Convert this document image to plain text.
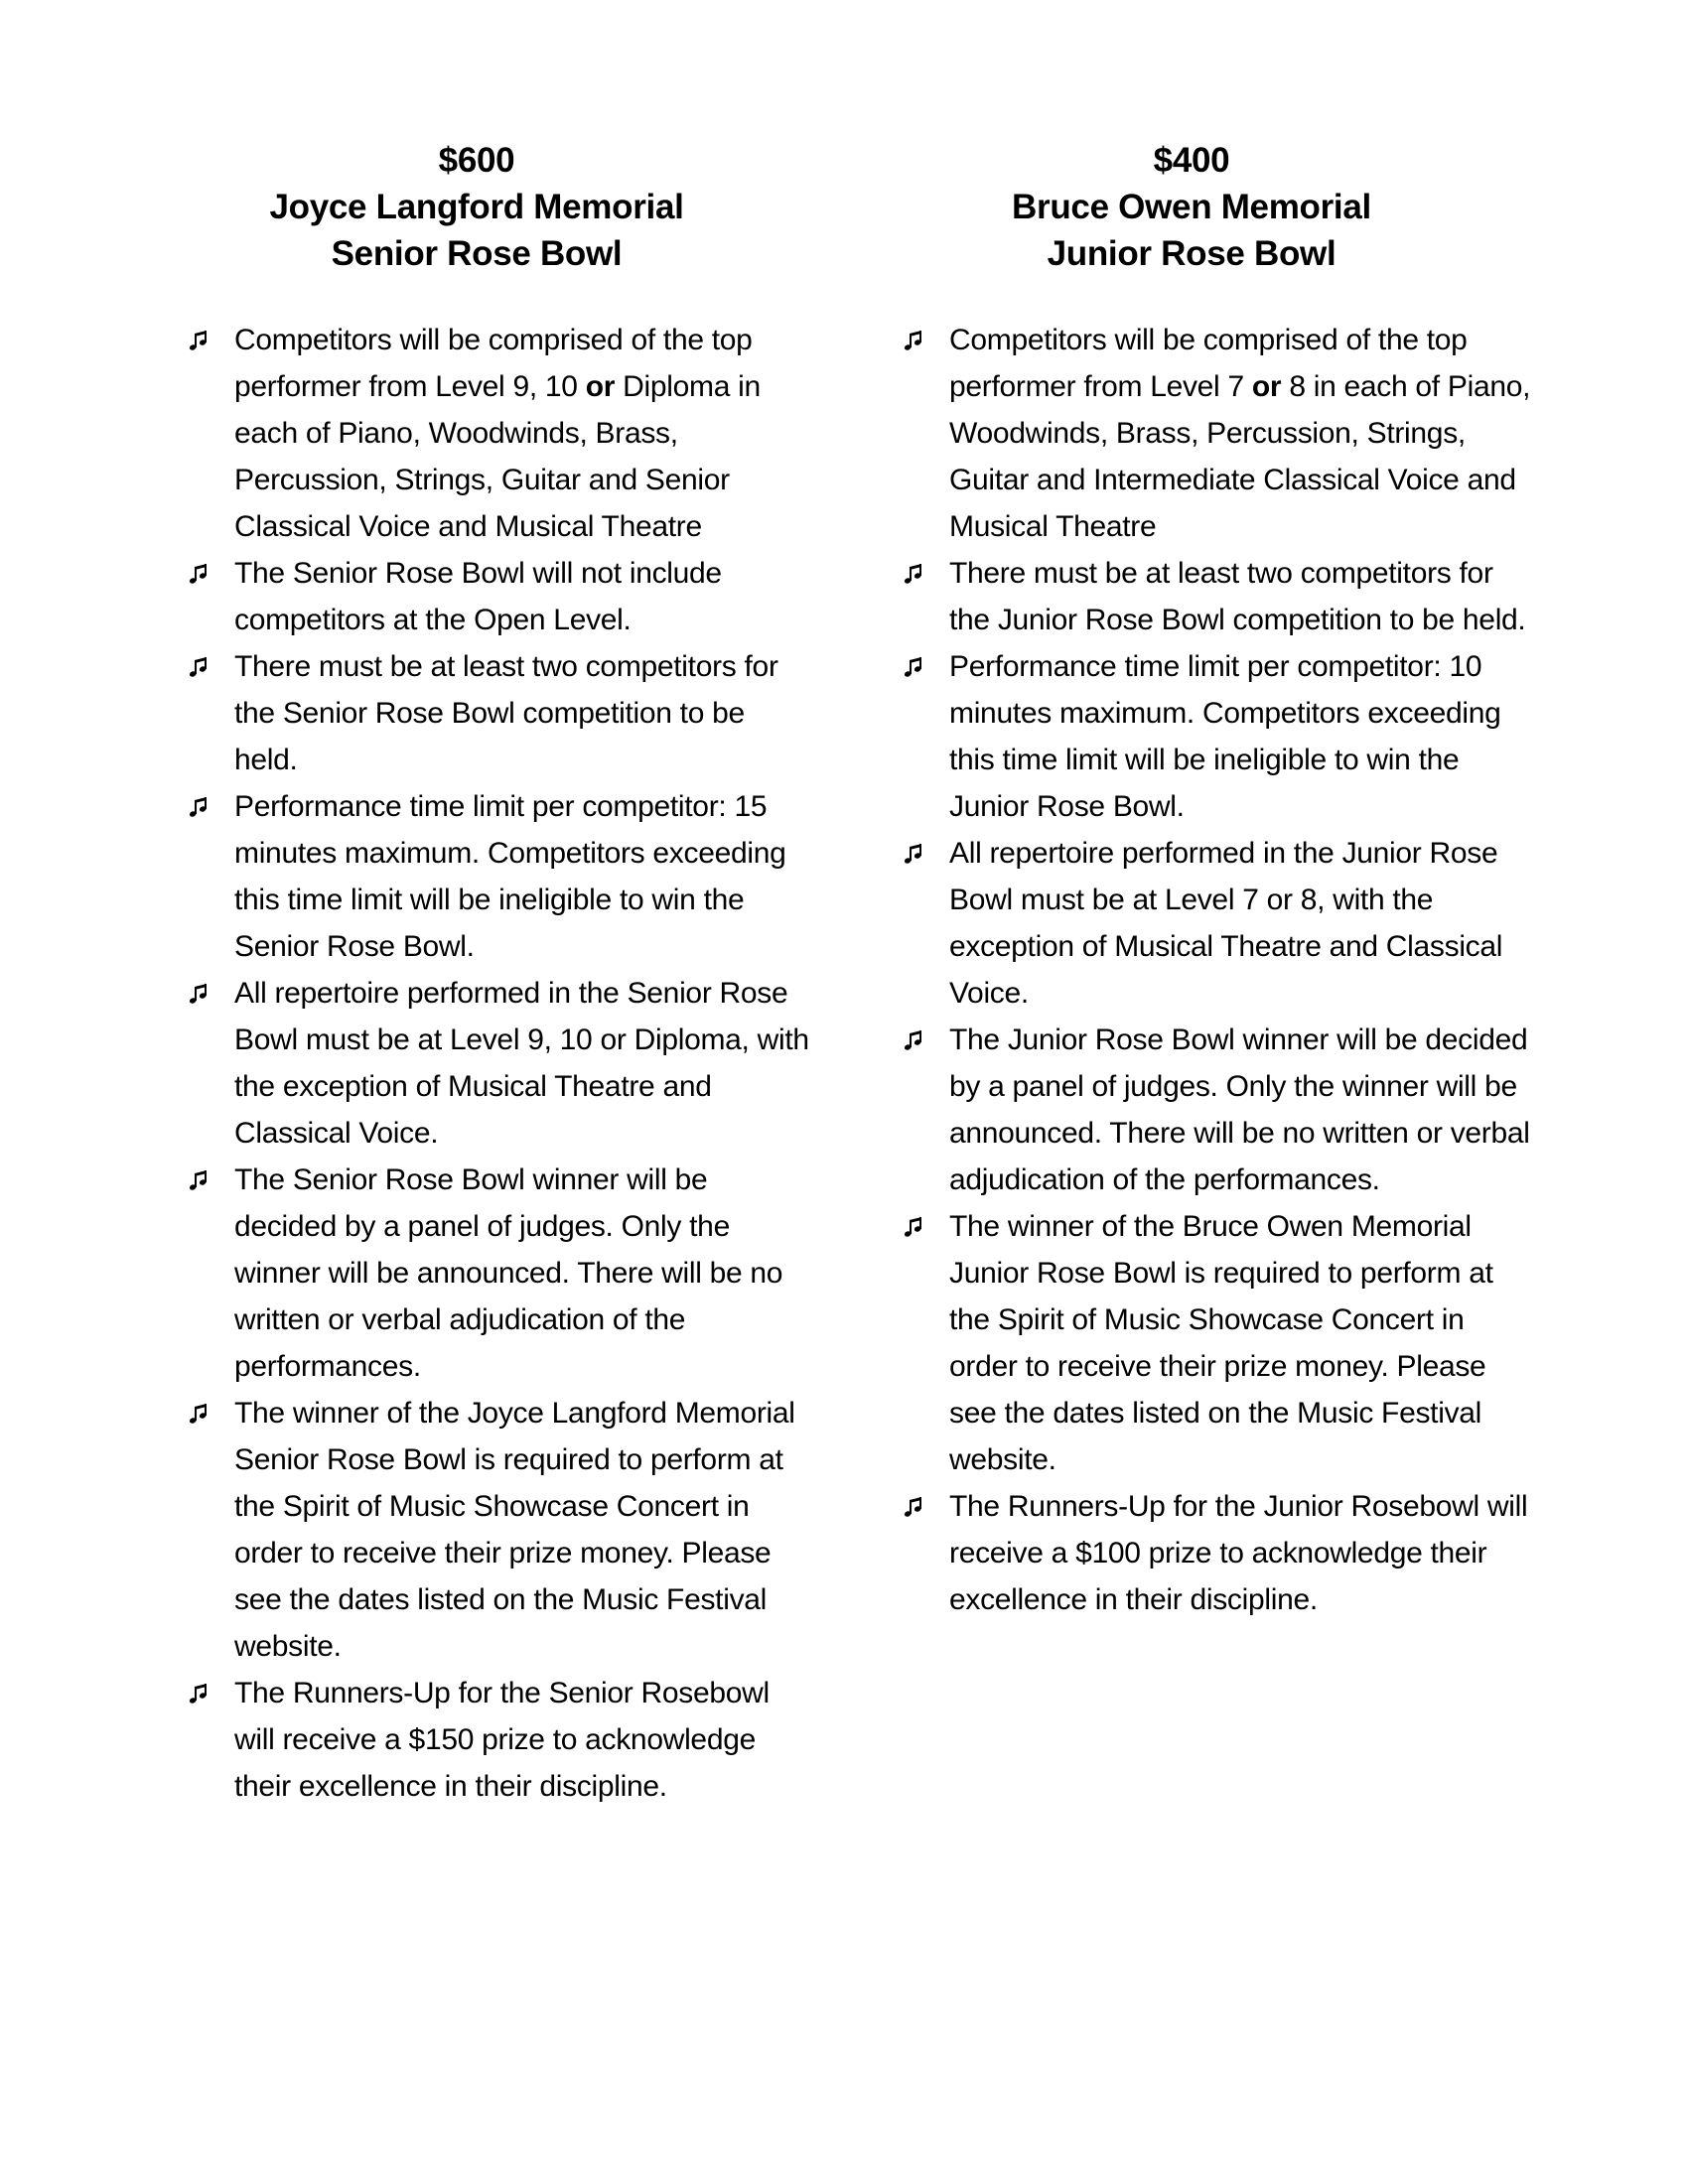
$600
Joyce Langford Memorial
Senior Rose Bowl
Competitors will be comprised of the top performer from Level 9, 10 or Diploma in each of Piano, Woodwinds, Brass, Percussion, Strings, Guitar and Senior Classical Voice and Musical Theatre
The Senior Rose Bowl will not include competitors at the Open Level.
There must be at least two competitors for the Senior Rose Bowl competition to be held.
Performance time limit per competitor: 15 minutes maximum. Competitors exceeding this time limit will be ineligible to win the Senior Rose Bowl.
All repertoire performed in the Senior Rose Bowl must be at Level 9, 10 or Diploma, with the exception of Musical Theatre and Classical Voice.
The Senior Rose Bowl winner will be decided by a panel of judges. Only the winner will be announced. There will be no written or verbal adjudication of the performances.
The winner of the Joyce Langford Memorial Senior Rose Bowl is required to perform at the Spirit of Music Showcase Concert in order to receive their prize money. Please see the dates listed on the Music Festival website.
The Runners-Up for the Senior Rosebowl will receive a $150 prize to acknowledge their excellence in their discipline.
$400
Bruce Owen Memorial
Junior Rose Bowl
Competitors will be comprised of the top performer from Level 7 or 8 in each of Piano, Woodwinds, Brass, Percussion, Strings, Guitar and Intermediate Classical Voice and Musical Theatre
There must be at least two competitors for the Junior Rose Bowl competition to be held.
Performance time limit per competitor: 10 minutes maximum. Competitors exceeding this time limit will be ineligible to win the Junior Rose Bowl.
All repertoire performed in the Junior Rose Bowl must be at Level 7 or 8, with the exception of Musical Theatre and Classical Voice.
The Junior Rose Bowl winner will be decided by a panel of judges. Only the winner will be announced. There will be no written or verbal adjudication of the performances.
The winner of the Bruce Owen Memorial Junior Rose Bowl is required to perform at the Spirit of Music Showcase Concert in order to receive their prize money. Please see the dates listed on the Music Festival website.
The Runners-Up for the Junior Rosebowl will receive a $100 prize to acknowledge their excellence in their discipline.
